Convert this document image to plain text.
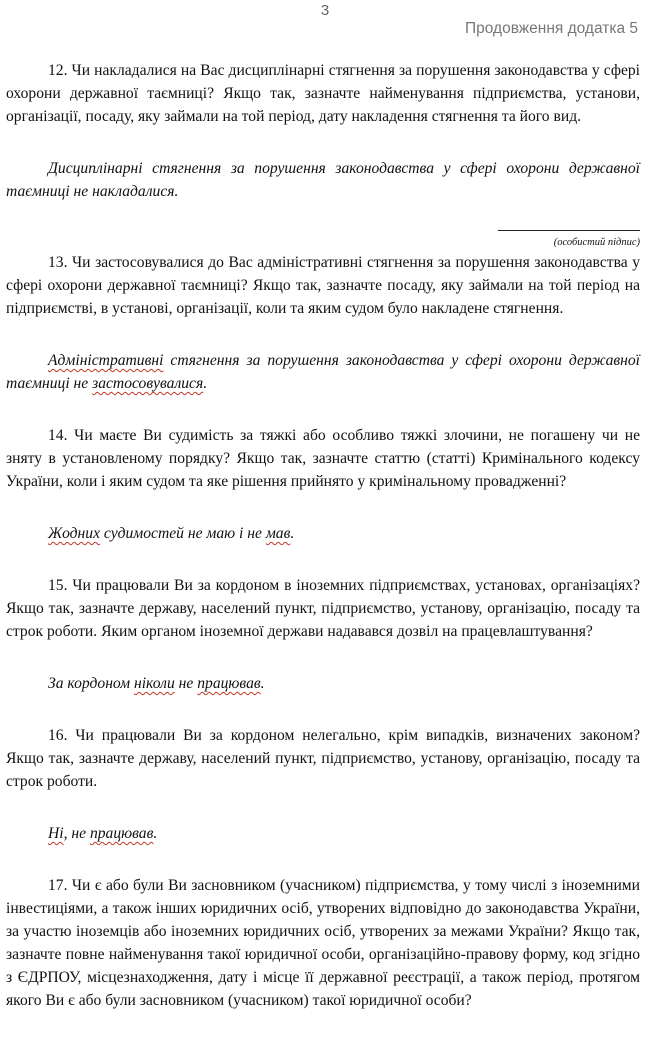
3
Продовження додатка 5

12. Чи накладалися на Вас дисциплінарні стягнення за порушення законодавства у сфері охорони державної таємниці? Якщо так, зазначте найменування підприємства, установи, організації, посаду, яку займали на той період, дату накладення стягнення та його вид.

Дисциплінарні стягнення за порушення законодавства у сфері охорони державної таємниці не накладалися.

(особистий підпис)

13. Чи застосовувалися до Вас адміністративні стягнення за порушення законодавства у сфері охорони державної таємниці? Якщо так, зазначте посаду, яку займали на той період на підприємстві, в установі, організації, коли та яким судом було накладене стягнення.

Адміністративні стягнення за порушення законодавства у сфері охорони державної таємниці не застосовувалися.

14. Чи маєте Ви судимість за тяжкі або особливо тяжкі злочини, не погашену чи не зняту в установленому порядку? Якщо так, зазначте статтю (статті) Кримінального кодексу України, коли і яким судом та яке рішення прийнято у кримінальному провадженні?

Жодних судимостей не маю і не мав.

15. Чи працювали Ви за кордоном в іноземних підприємствах, установах, організаціях? Якщо так, зазначте державу, населений пункт, підприємство, установу, організацію, посаду та строк роботи. Яким органом іноземної держави надавався дозвіл на працевлаштування?

За кордоном ніколи не працював.

16. Чи працювали Ви за кордоном нелегально, крім випадків, визначених законом? Якщо так, зазначте державу, населений пункт, підприємство, установу, організацію, посаду та строк роботи.

Ні, не працював.

17. Чи є або були Ви засновником (учасником) підприємства, у тому числі з іноземними інвестиціями, а також інших юридичних осіб, утворених відповідно до законодавства України, за участю іноземців або іноземних юридичних осіб, утворених за межами України? Якщо так, зазначте повне найменування такої юридичної особи, організаційно-правову форму, код згідно з ЄДРПОУ, місцезнаходження, дату і місце її державної реєстрації, а також період, протягом якого Ви є або були засновником (учасником) такої юридичної особи?
